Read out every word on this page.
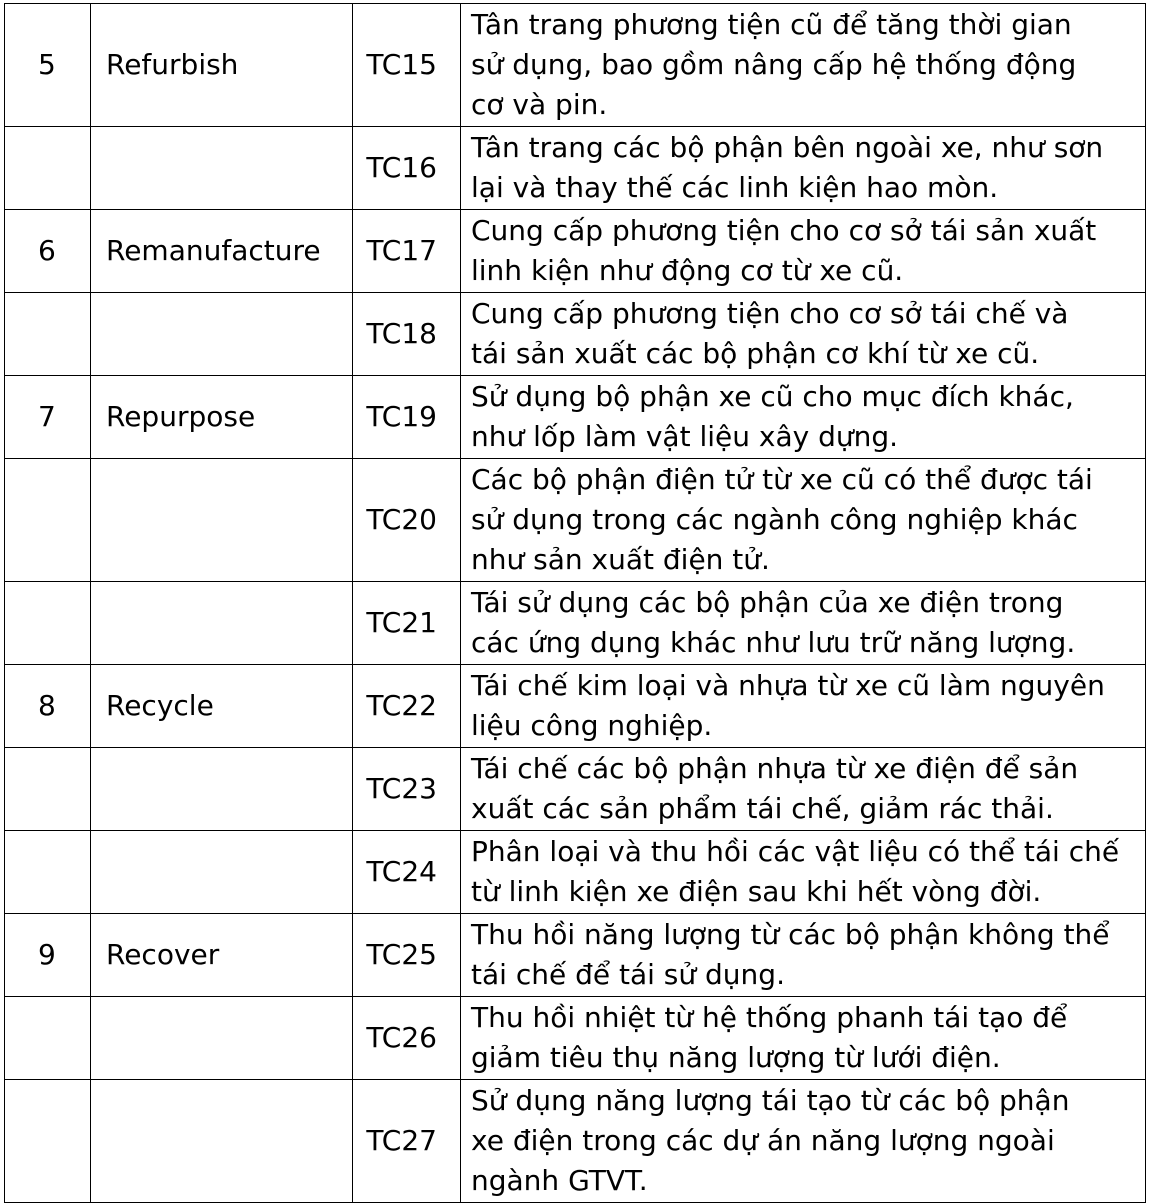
5	Refurbish	TC15	Tân trang phương tiện cũ để tăng thời gian
sử dụng, bao gồm nâng cấp hệ thống động
cơ và pin.

		TC16	Tân trang các bộ phận bên ngoài xe, như sơn
lại và thay thế các linh kiện hao mòn.

6	Remanufacture	TC17	Cung cấp phương tiện cho cơ sở tái sản xuất
linh kiện như động cơ từ xe cũ.

		TC18	Cung cấp phương tiện cho cơ sở tái chế và
tái sản xuất các bộ phận cơ khí từ xe cũ.

7	Repurpose	TC19	Sử dụng bộ phận xe cũ cho mục đích khác,
như lốp làm vật liệu xây dựng.

		TC20	Các bộ phận điện tử từ xe cũ có thể được tái
sử dụng trong các ngành công nghiệp khác
như sản xuất điện tử.

		TC21	Tái sử dụng các bộ phận của xe điện trong
các ứng dụng khác như lưu trữ năng lượng.

8	Recycle	TC22	Tái chế kim loại và nhựa từ xe cũ làm nguyên
liệu công nghiệp.

		TC23	Tái chế các bộ phận nhựa từ xe điện để sản
xuất các sản phẩm tái chế, giảm rác thải.

		TC24	Phân loại và thu hồi các vật liệu có thể tái chế
từ linh kiện xe điện sau khi hết vòng đời.

9	Recover	TC25	Thu hồi năng lượng từ các bộ phận không thể
tái chế để tái sử dụng.

		TC26	Thu hồi nhiệt từ hệ thống phanh tái tạo để
giảm tiêu thụ năng lượng từ lưới điện.

		TC27	Sử dụng năng lượng tái tạo từ các bộ phận
xe điện trong các dự án năng lượng ngoài
ngành GTVT.
